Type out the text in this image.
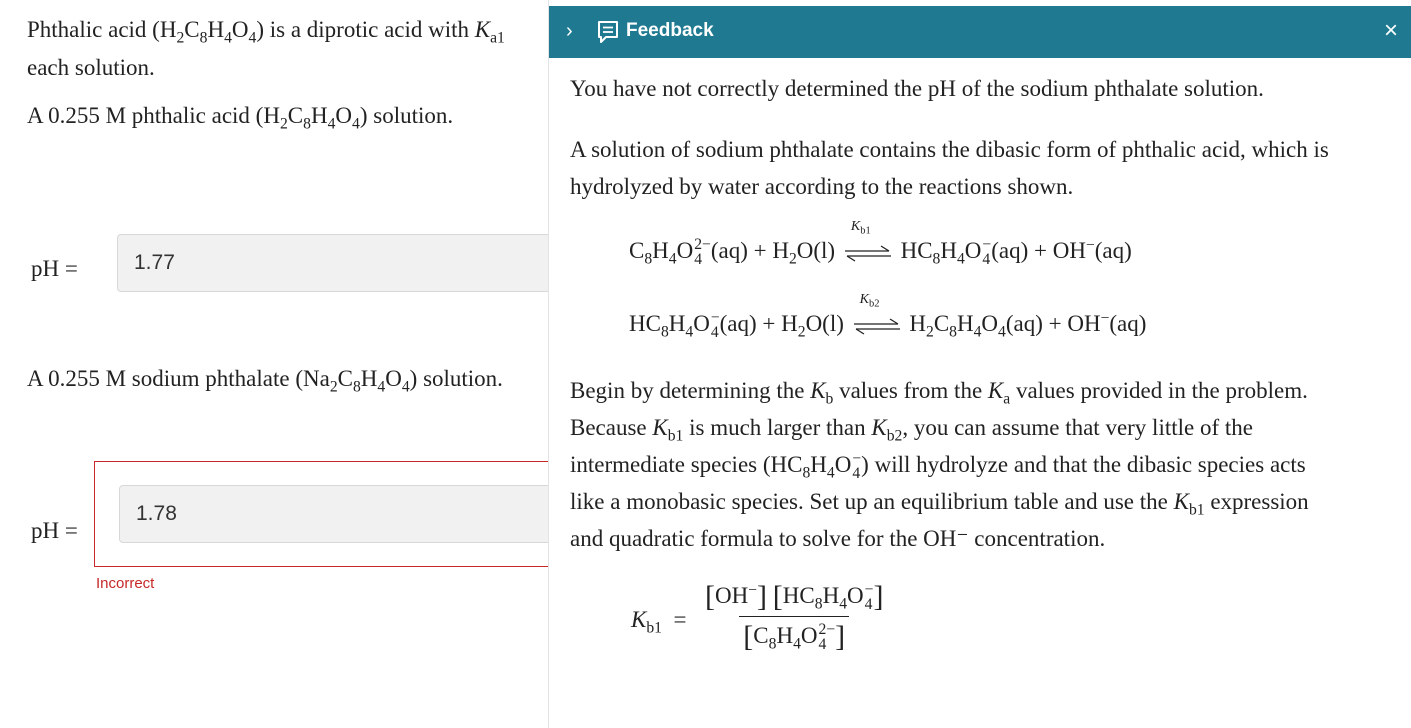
Phthalic acid $(H_2C_8H_4O_4)$ is a diprotic acid with $K_{a1}$
each solution.
A 0.255 M phthalic acid $(H_2C_8H_4O_4)$ solution.
pH =	1.77
A 0.255 M sodium phthalate $(Na_2C_8H_4O_4)$ solution.
pH =
1.78
Incorrect
›	Feedback	×
You have not correctly determined the pH of the sodium phthalate solution.
A solution of sodium phthalate contains the dibasic form of phthalic acid, which is
hydrolyzed by water according to the reactions shown.
$C_8H_4O$ 2−
4 $(aq) + H_2O(l)$
$K_{b1}$
$HC_8H_4O$ −
4 (aq) + OH−(aq)
$HC_8H_4O$ −
4 $(aq) + H_2O(l)$
$K_{b2}$
$H_2C_8H_4O_4(aq) + OH^-(aq)$
Begin by determining the $K_b$ values from the $K_a$ values provided in the problem.
Because $K_{b1}$ is much larger than $K_{b2}$, you can assume that very little of the
intermediate species ($HC_8H_4O$ −
4 ) will hydrolyze and that the dibasic species acts
like a monobasic species. Set up an equilibrium table and use the $K_{b1}$ expression
and quadratic formula to solve for the OH⁻ concentration.
$K_{b1} = [OH^-] [HC_8H_4O$ −
4 ]
[$C_8H_4O$ 2−
4 ]
